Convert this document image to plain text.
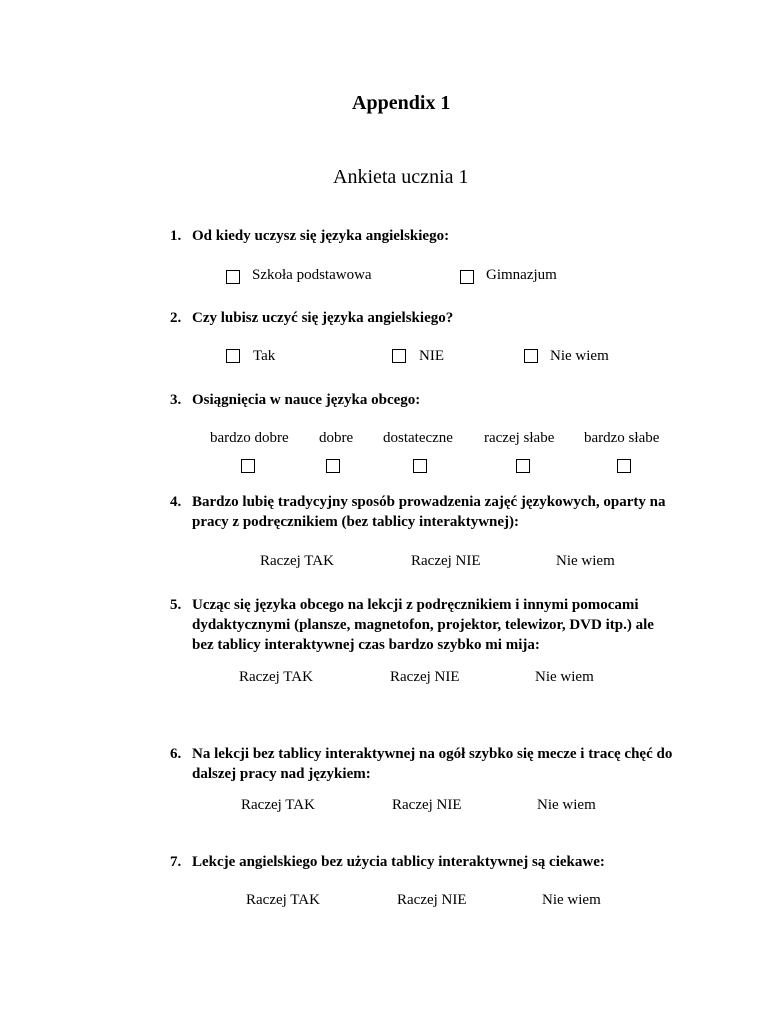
Appendix 1
Ankieta ucznia 1
1. Od kiedy uczysz się języka angielskiego:
Szkoła podstawowa	Gimnazjum
2. Czy lubisz uczyć się języka angielskiego?
Tak	NIE	Nie wiem
3. Osiągnięcia w nauce języka obcego:
bardzo dobre dobre dostateczne raczej słabe bardzo słabe
4. Bardzo lubię tradycyjny sposób prowadzenia zajęć językowych, oparty na
pracy z podręcznikiem (bez tablicy interaktywnej):
Raczej TAK	Raczej NIE	Nie wiem
5. Ucząc się języka obcego na lekcji z podręcznikiem i innymi pomocami
dydaktycznymi (plansze, magnetofon, projektor, telewizor, DVD itp.) ale
bez tablicy interaktywnej czas bardzo szybko mi mija:
Raczej TAK	Raczej NIE	Nie wiem
6. Na lekcji bez tablicy interaktywnej na ogół szybko się mecze i tracę chęć do
dalszej pracy nad językiem:
Raczej TAK	Raczej NIE	Nie wiem
7. Lekcje angielskiego bez użycia tablicy interaktywnej są ciekawe:
Raczej TAK	Raczej NIE	Nie wiem
